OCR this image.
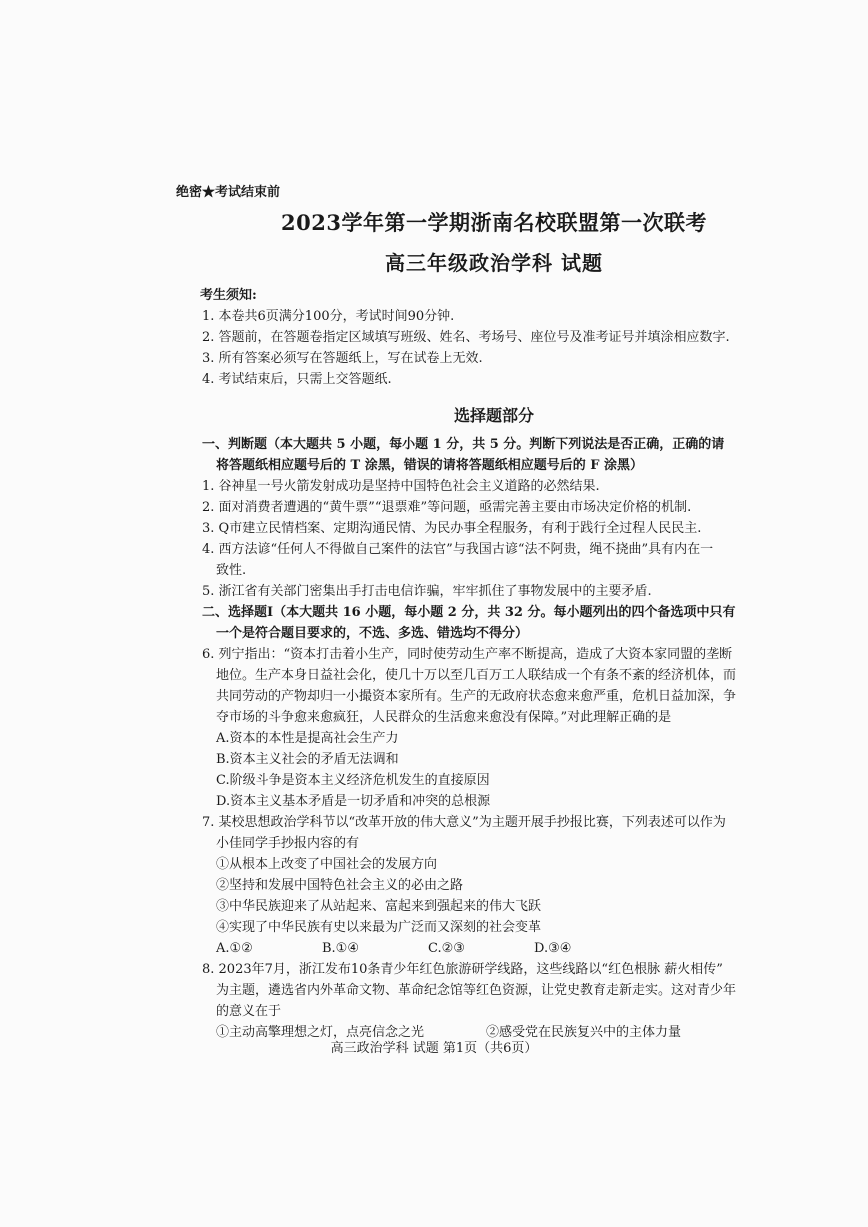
绝密★考试结束前
2023学年第一学期浙南名校联盟第一次联考
高三年级政治学科 试题
考生须知:
1. 本卷共6页满分100分，考试时间90分钟.
2. 答题前，在答题卷指定区域填写班级、姓名、考场号、座位号及准考证号并填涂相应数字.
3. 所有答案必须写在答题纸上，写在试卷上无效.
4. 考试结束后，只需上交答题纸.
选择题部分
一、判断题（本大题共 5 小题，每小题 1 分，共 5 分。判断下列说法是否正确，正确的请
将答题纸相应题号后的 T 涂黑，错误的请将答题纸相应题号后的 F 涂黑）
1. 谷神星一号火箭发射成功是坚持中国特色社会主义道路的必然结果.
2. 面对消费者遭遇的“黄牛票”“退票难”等问题，亟需完善主要由市场决定价格的机制.
3. Q市建立民情档案、定期沟通民情、为民办事全程服务，有利于践行全过程人民民主.
4. 西方法谚“任何人不得做自己案件的法官”与我国古谚“法不阿贵，绳不挠曲”具有内在一
致性.
5. 浙江省有关部门密集出手打击电信诈骗，牢牢抓住了事物发展中的主要矛盾.
二、选择题Ⅰ（本大题共 16 小题，每小题 2 分，共 32 分。每小题列出的四个备选项中只有
一个是符合题目要求的，不选、多选、错选均不得分）
6. 列宁指出：“资本打击着小生产，同时使劳动生产率不断提高，造成了大资本家同盟的垄断
地位。生产本身日益社会化，使几十万以至几百万工人联结成一个有条不紊的经济机体，而
共同劳动的产物却归一小撮资本家所有。生产的无政府状态愈来愈严重，危机日益加深，争
夺市场的斗争愈来愈疯狂，人民群众的生活愈来愈没有保障。”对此理解正确的是
A.资本的本性是提高社会生产力
B.资本主义社会的矛盾无法调和
C.阶级斗争是资本主义经济危机发生的直接原因
D.资本主义基本矛盾是一切矛盾和冲突的总根源
7. 某校思想政治学科节以“改革开放的伟大意义”为主题开展手抄报比赛，下列表述可以作为
小佳同学手抄报内容的有
①从根本上改变了中国社会的发展方向
②坚持和发展中国特色社会主义的必由之路
③中华民族迎来了从站起来、富起来到强起来的伟大飞跃
④实现了中华民族有史以来最为广泛而又深刻的社会变革
A.①②	B.①④	C.②③	D.③④
8. 2023年7月，浙江发布10条青少年红色旅游研学线路，这些线路以“红色根脉 薪火相传”
为主题，遴选省内外革命文物、革命纪念馆等红色资源，让党史教育走新走实。这对青少年
的意义在于
①主动高擎理想之灯，点亮信念之光	②感受党在民族复兴中的主体力量
高三政治学科 试题 第1页（共6页）
